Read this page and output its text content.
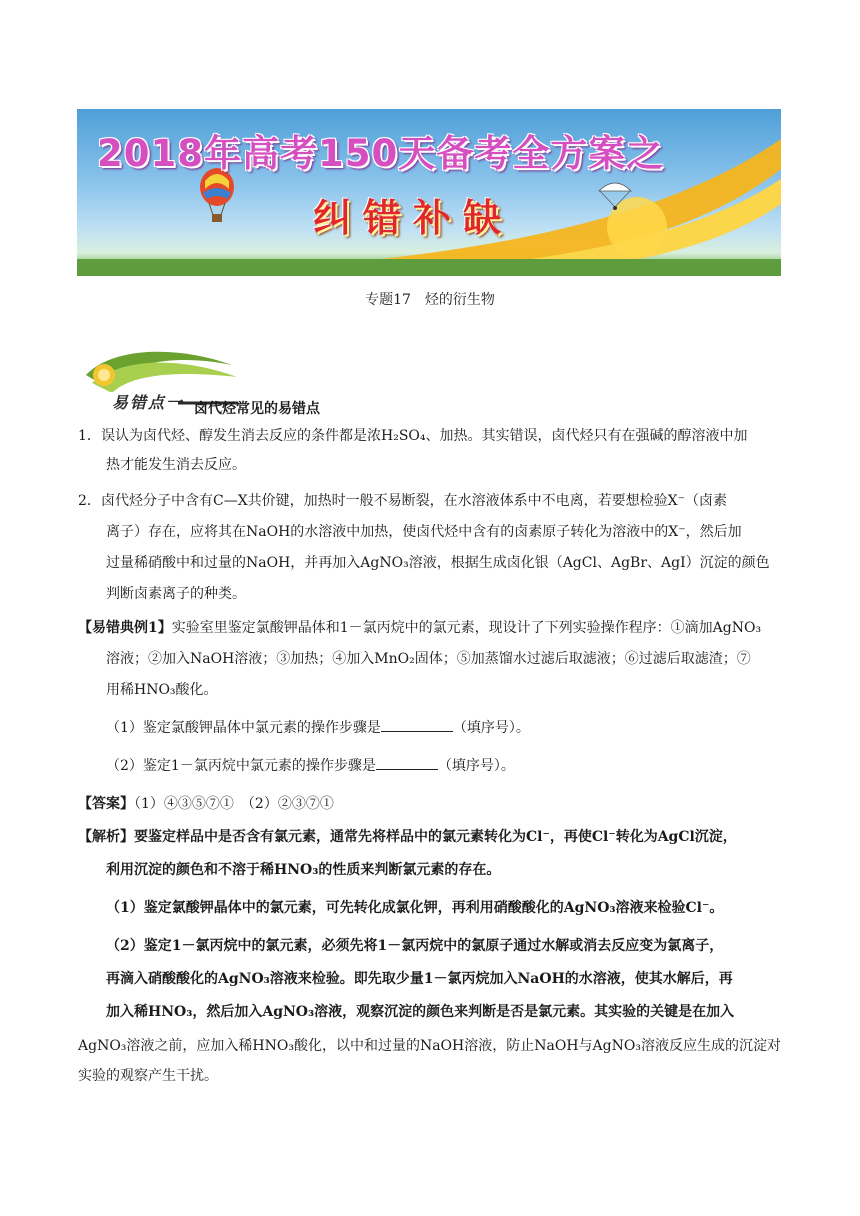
2018年高考150天备考全方案之
纠错补缺
专题17　烃的衍生物
易错点一 卤代烃常见的易错点
1． 误认为卤代烃、醇发生消去反应的条件都是浓H₂SO₄、加热。其实错误，卤代烃只有在强碱的醇溶液中加
热才能发生消去反应。
2． 卤代烃分子中含有C—X共价键，加热时一般不易断裂，在水溶液体系中不电离，若要想检验X⁻（卤素
离子）存在，应将其在NaOH的水溶液中加热，使卤代烃中含有的卤素原子转化为溶液中的X⁻，然后加
过量稀硝酸中和过量的NaOH，并再加入AgNO₃溶液，根据生成卤化银（AgCl、AgBr、AgI）沉淀的颜色
判断卤素离子的种类。
【易错典例1】实验室里鉴定氯酸钾晶体和1－氯丙烷中的氯元素，现设计了下列实验操作程序：①滴加AgNO₃
溶液；②加入NaOH溶液；③加热；④加入MnO₂固体；⑤加蒸馏水过滤后取滤液；⑥过滤后取滤渣；⑦
用稀HNO₃酸化。
（1）鉴定氯酸钾晶体中氯元素的操作步骤是	（填序号）。
（2）鉴定1－氯丙烷中氯元素的操作步骤是	（填序号）。
【答案】（1）④③⑤⑦①　（2）②③⑦①
【解析】要鉴定样品中是否含有氯元素，通常先将样品中的氯元素转化为Cl⁻，再使Cl⁻转化为AgCl沉淀，
利用沉淀的颜色和不溶于稀HNO₃的性质来判断氯元素的存在。
（1）鉴定氯酸钾晶体中的氯元素，可先转化成氯化钾，再利用硝酸酸化的AgNO₃溶液来检验Cl⁻。
（2）鉴定1－氯丙烷中的氯元素，必须先将1－氯丙烷中的氯原子通过水解或消去反应变为氯离子，
再滴入硝酸酸化的AgNO₃溶液来检验。即先取少量1－氯丙烷加入NaOH的水溶液，使其水解后，再
加入稀HNO₃，然后加入AgNO₃溶液，观察沉淀的颜色来判断是否是氯元素。其实验的关键是在加入
AgNO₃溶液之前，应加入稀HNO₃酸化，以中和过量的NaOH溶液，防止NaOH与AgNO₃溶液反应生成的沉淀对
实验的观察产生干扰。
